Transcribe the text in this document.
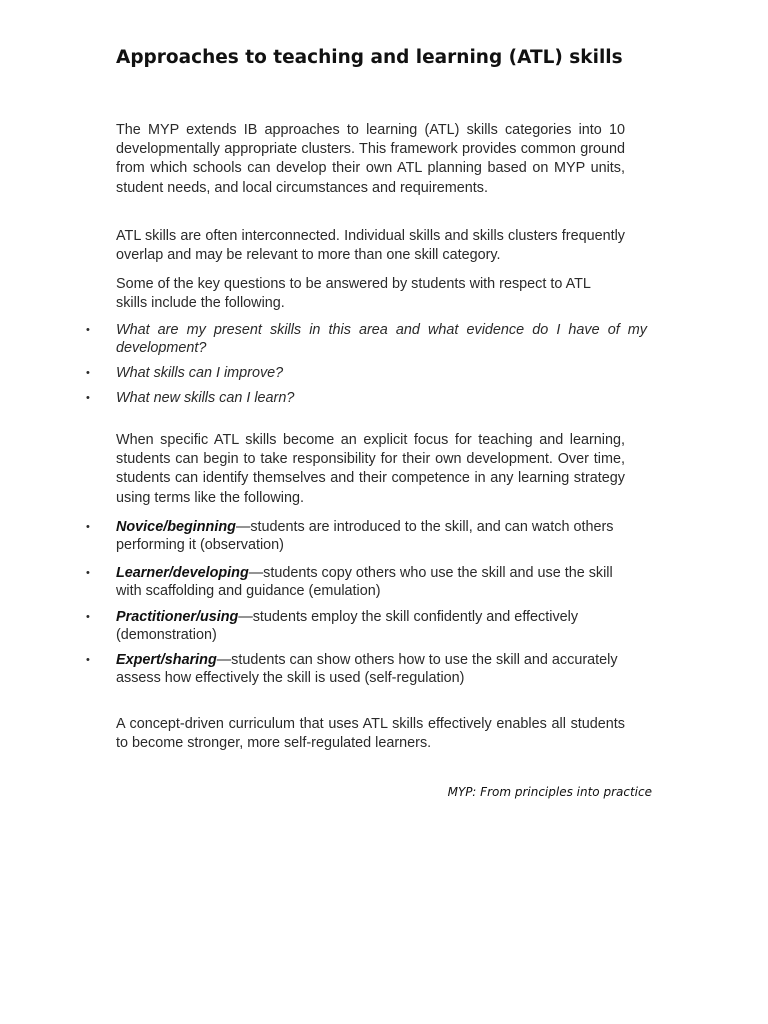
Approaches to teaching and learning (ATL) skills

The MYP extends IB approaches to learning (ATL) skills categories into 10 developmentally appropriate clusters. This framework provides common ground from which schools can develop their own ATL planning based on MYP units, student needs, and local circumstances and requirements.

ATL skills are often interconnected. Individual skills and skills clusters frequently overlap and may be relevant to more than one skill category.

Some of the key questions to be answered by students with respect to ATL skills include the following.

• What are my present skills in this area and what evidence do I have of my development?
• What skills can I improve?
• What new skills can I learn?

When specific ATL skills become an explicit focus for teaching and learning, students can begin to take responsibility for their own development. Over time, students can identify themselves and their competence in any learning strategy using terms like the following.

• Novice/beginning—students are introduced to the skill, and can watch others performing it (observation)
• Learner/developing—students copy others who use the skill and use the skill with scaffolding and guidance (emulation)
• Practitioner/using—students employ the skill confidently and effectively (demonstration)
• Expert/sharing—students can show others how to use the skill and accurately assess how effectively the skill is used (self-regulation)

A concept-driven curriculum that uses ATL skills effectively enables all students to become stronger, more self-regulated learners.

MYP: From principles into practice
